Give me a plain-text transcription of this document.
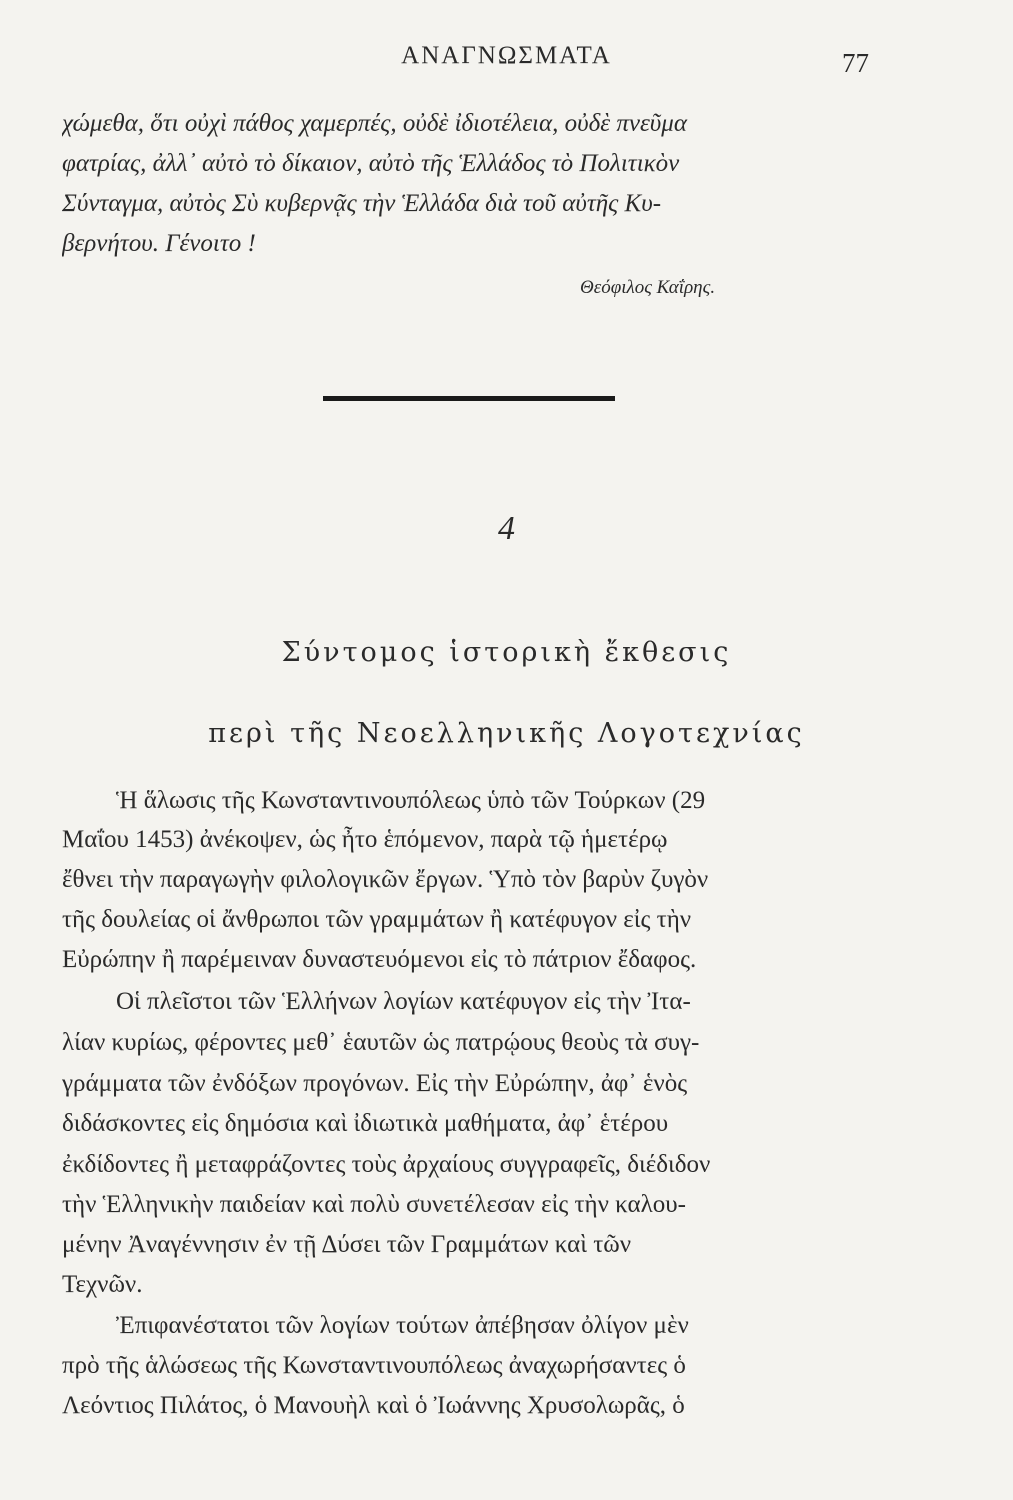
ΑΝΑΓΝΩΣΜΑΤΑ	77
χώμεθα, ὅτι οὐχὶ πάθος χαμερπές, οὐδὲ ἰδιοτέλεια, οὐδὲ πνεῦμα
φατρίας, ἀλλ᾽ αὐτὸ τὸ δίκαιον, αὐτὸ τῆς Ἑλλάδος τὸ Πολιτικὸν
Σύνταγμα, αὐτὸς Σὺ κυβερνᾷς τὴν Ἑλλάδα διὰ τοῦ αὐτῆς Κυ-
βερνήτου. Γένοιτο !
Θεόφιλος Καΐρης.
4
Σύντομος ἱστορικὴ ἔκθεσις
περὶ τῆς Νεοελληνικῆς Λογοτεχνίας
Ἡ ἅλωσις τῆς Κωνσταντινουπόλεως ὑπὸ τῶν Τούρκων (29
Μαΐου 1453) ἀνέκοψεν, ὡς ἦτο ἑπόμενον, παρὰ τῷ ἡμετέρῳ
ἔθνει τὴν παραγωγὴν φιλολογικῶν ἔργων. Ὑπὸ τὸν βαρὺν ζυγὸν
τῆς δουλείας οἱ ἄνθρωποι τῶν γραμμάτων ἢ κατέφυγον εἰς τὴν
Εὐρώπην ἢ παρέμειναν δυναστευόμενοι εἰς τὸ πάτριον ἔδαφος.
Οἱ πλεῖστοι τῶν Ἑλλήνων λογίων κατέφυγον εἰς τὴν Ἰτα-
λίαν κυρίως, φέροντες μεθ᾽ ἑαυτῶν ὡς πατρῴους θεοὺς τὰ συγ-
γράμματα τῶν ἐνδόξων προγόνων. Εἰς τὴν Εὐρώπην, ἀφ᾽ ἑνὸς
διδάσκοντες εἰς δημόσια καὶ ἰδιωτικὰ μαθήματα, ἀφ᾽ ἑτέρου
ἐκδίδοντες ἢ μεταφράζοντες τοὺς ἀρχαίους συγγραφεῖς, διέδιδον
τὴν Ἑλληνικὴν παιδείαν καὶ πολὺ συνετέλεσαν εἰς τὴν καλου-
μένην Ἀναγέννησιν ἐν τῇ Δύσει τῶν Γραμμάτων καὶ τῶν
Τεχνῶν.
Ἐπιφανέστατοι τῶν λογίων τούτων ἀπέβησαν ὀλίγον μὲν
πρὸ τῆς ἁλώσεως τῆς Κωνσταντινουπόλεως ἀναχωρήσαντες ὁ
Λεόντιος Πιλάτος, ὁ Μανουὴλ καὶ ὁ Ἰωάννης Χρυσολωρᾶς, ὁ
